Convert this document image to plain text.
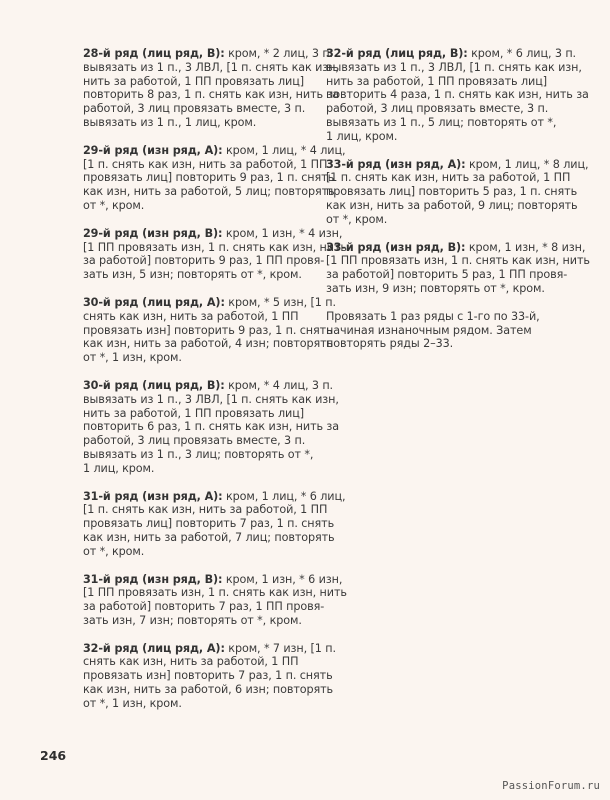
28-й ряд (лиц ряд, В): кром, * 2 лиц, 3 п.
вывязать из 1 п., 3 ЛВЛ, [1 п. снять как изн,
нить за работой, 1 ПП провязать лиц]
повторить 8 раз, 1 п. снять как изн, нить за
работой, 3 лиц провязать вместе, 3 п.
вывязать из 1 п., 1 лиц, кром.
29-й ряд (изн ряд, А): кром, 1 лиц, * 4 лиц,
[1 п. снять как изн, нить за работой, 1 ПП
провязать лиц] повторить 9 раз, 1 п. снять
как изн, нить за работой, 5 лиц; повторять
от *, кром.
29-й ряд (изн ряд, В): кром, 1 изн, * 4 изн,
[1 ПП провязать изн, 1 п. снять как изн, нить
за работой] повторить 9 раз, 1 ПП провя-
зать изн, 5 изн; повторять от *, кром.
30-й ряд (лиц ряд, А): кром, * 5 изн, [1 п.
снять как изн, нить за работой, 1 ПП
провязать изн] повторить 9 раз, 1 п. снять
как изн, нить за работой, 4 изн; повторять
от *, 1 изн, кром.
30-й ряд (лиц ряд, В): кром, * 4 лиц, 3 п.
вывязать из 1 п., 3 ЛВЛ, [1 п. снять как изн,
нить за работой, 1 ПП провязать лиц]
повторить 6 раз, 1 п. снять как изн, нить за
работой, 3 лиц провязать вместе, 3 п.
вывязать из 1 п., 3 лиц; повторять от *,
1 лиц, кром.
31-й ряд (изн ряд, А): кром, 1 лиц, * 6 лиц,
[1 п. снять как изн, нить за работой, 1 ПП
провязать лиц] повторить 7 раз, 1 п. снять
как изн, нить за работой, 7 лиц; повторять
от *, кром.
31-й ряд (изн ряд, В): кром, 1 изн, * 6 изн,
[1 ПП провязать изн, 1 п. снять как изн, нить
за работой] повторить 7 раз, 1 ПП провя-
зать изн, 7 изн; повторять от *, кром.
32-й ряд (лиц ряд, А): кром, * 7 изн, [1 п.
снять как изн, нить за работой, 1 ПП
провязать изн] повторить 7 раз, 1 п. снять
как изн, нить за работой, 6 изн; повторять
от *, 1 изн, кром.
32-й ряд (лиц ряд, В): кром, * 6 лиц, 3 п.
вывязать из 1 п., 3 ЛВЛ, [1 п. снять как изн,
нить за работой, 1 ПП провязать лиц]
повторить 4 раза, 1 п. снять как изн, нить за
работой, 3 лиц провязать вместе, 3 п.
вывязать из 1 п., 5 лиц; повторять от *,
1 лиц, кром.
33-й ряд (изн ряд, А): кром, 1 лиц, * 8 лиц,
[1 п. снять как изн, нить за работой, 1 ПП
провязать лиц] повторить 5 раз, 1 п. снять
как изн, нить за работой, 9 лиц; повторять
от *, кром.
33-й ряд (изн ряд, В): кром, 1 изн, * 8 изн,
[1 ПП провязать изн, 1 п. снять как изн, нить
за работой] повторить 5 раз, 1 ПП провя-
зать изн, 9 изн; повторять от *, кром.
Провязать 1 раз ряды с 1-го по 33-й,
начиная изнаночным рядом. Затем
повторять ряды 2–33.
246
PassionForum.ru
